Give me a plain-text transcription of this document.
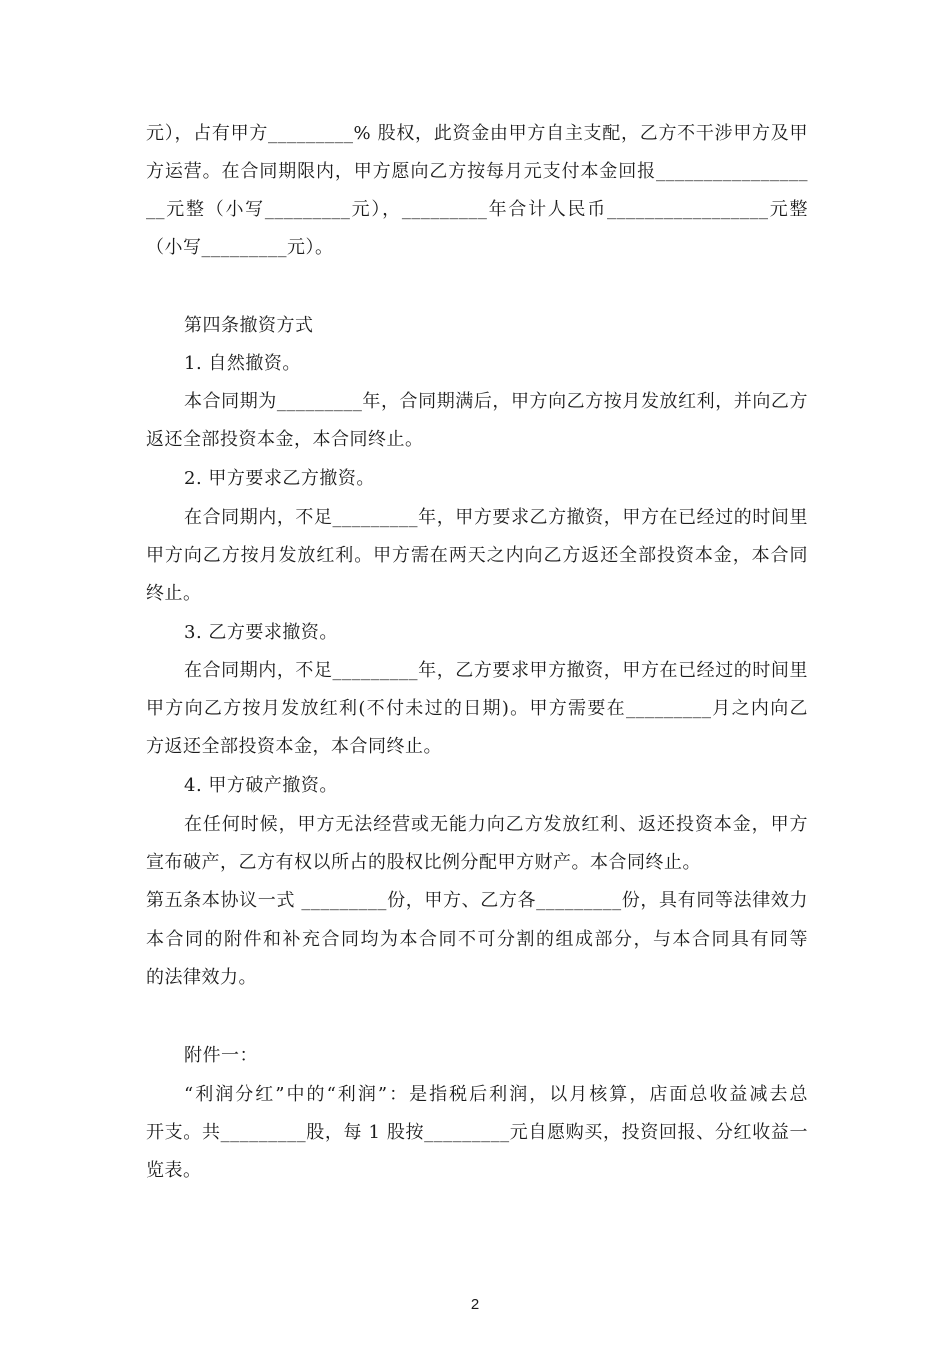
元），占有甲方_________% 股权，此资金由甲方自主支配，乙方不干涉甲方及甲

方运营。在合同期限内，甲方愿向乙方按每月元支付本金回报________________

__元整（小写_________元），_________年合计人民币_________________元整

（小写_________元）。

第四条撤资方式

1. 自然撤资。

本合同期为_________年，合同期满后，甲方向乙方按月发放红利，并向乙方

返还全部投资本金，本合同终止。

2. 甲方要求乙方撤资。

在合同期内，不足_________年，甲方要求乙方撤资，甲方在已经过的时间里

甲方向乙方按月发放红利。甲方需在两天之内向乙方返还全部投资本金，本合同

终止。

3. 乙方要求撤资。

在合同期内，不足_________年，乙方要求甲方撤资，甲方在已经过的时间里

甲方向乙方按月发放红利(不付未过的日期)。甲方需要在_________月之内向乙

方返还全部投资本金，本合同终止。

4. 甲方破产撤资。

在任何时候，甲方无法经营或无能力向乙方发放红利、返还投资本金，甲方

宣布破产，乙方有权以所占的股权比例分配甲方财产。本合同终止。

第五条本协议一式 _________份，甲方、乙方各_________份，具有同等法律效力

本合同的附件和补充合同均为本合同不可分割的组成部分，与本合同具有同等

的法律效力。

附件一：

“利润分红”中的“利润”：是指税后利润，以月核算，店面总收益减去总

开支。共_________股，每 1 股按_________元自愿购买，投资回报、分红收益一

览表。

2
